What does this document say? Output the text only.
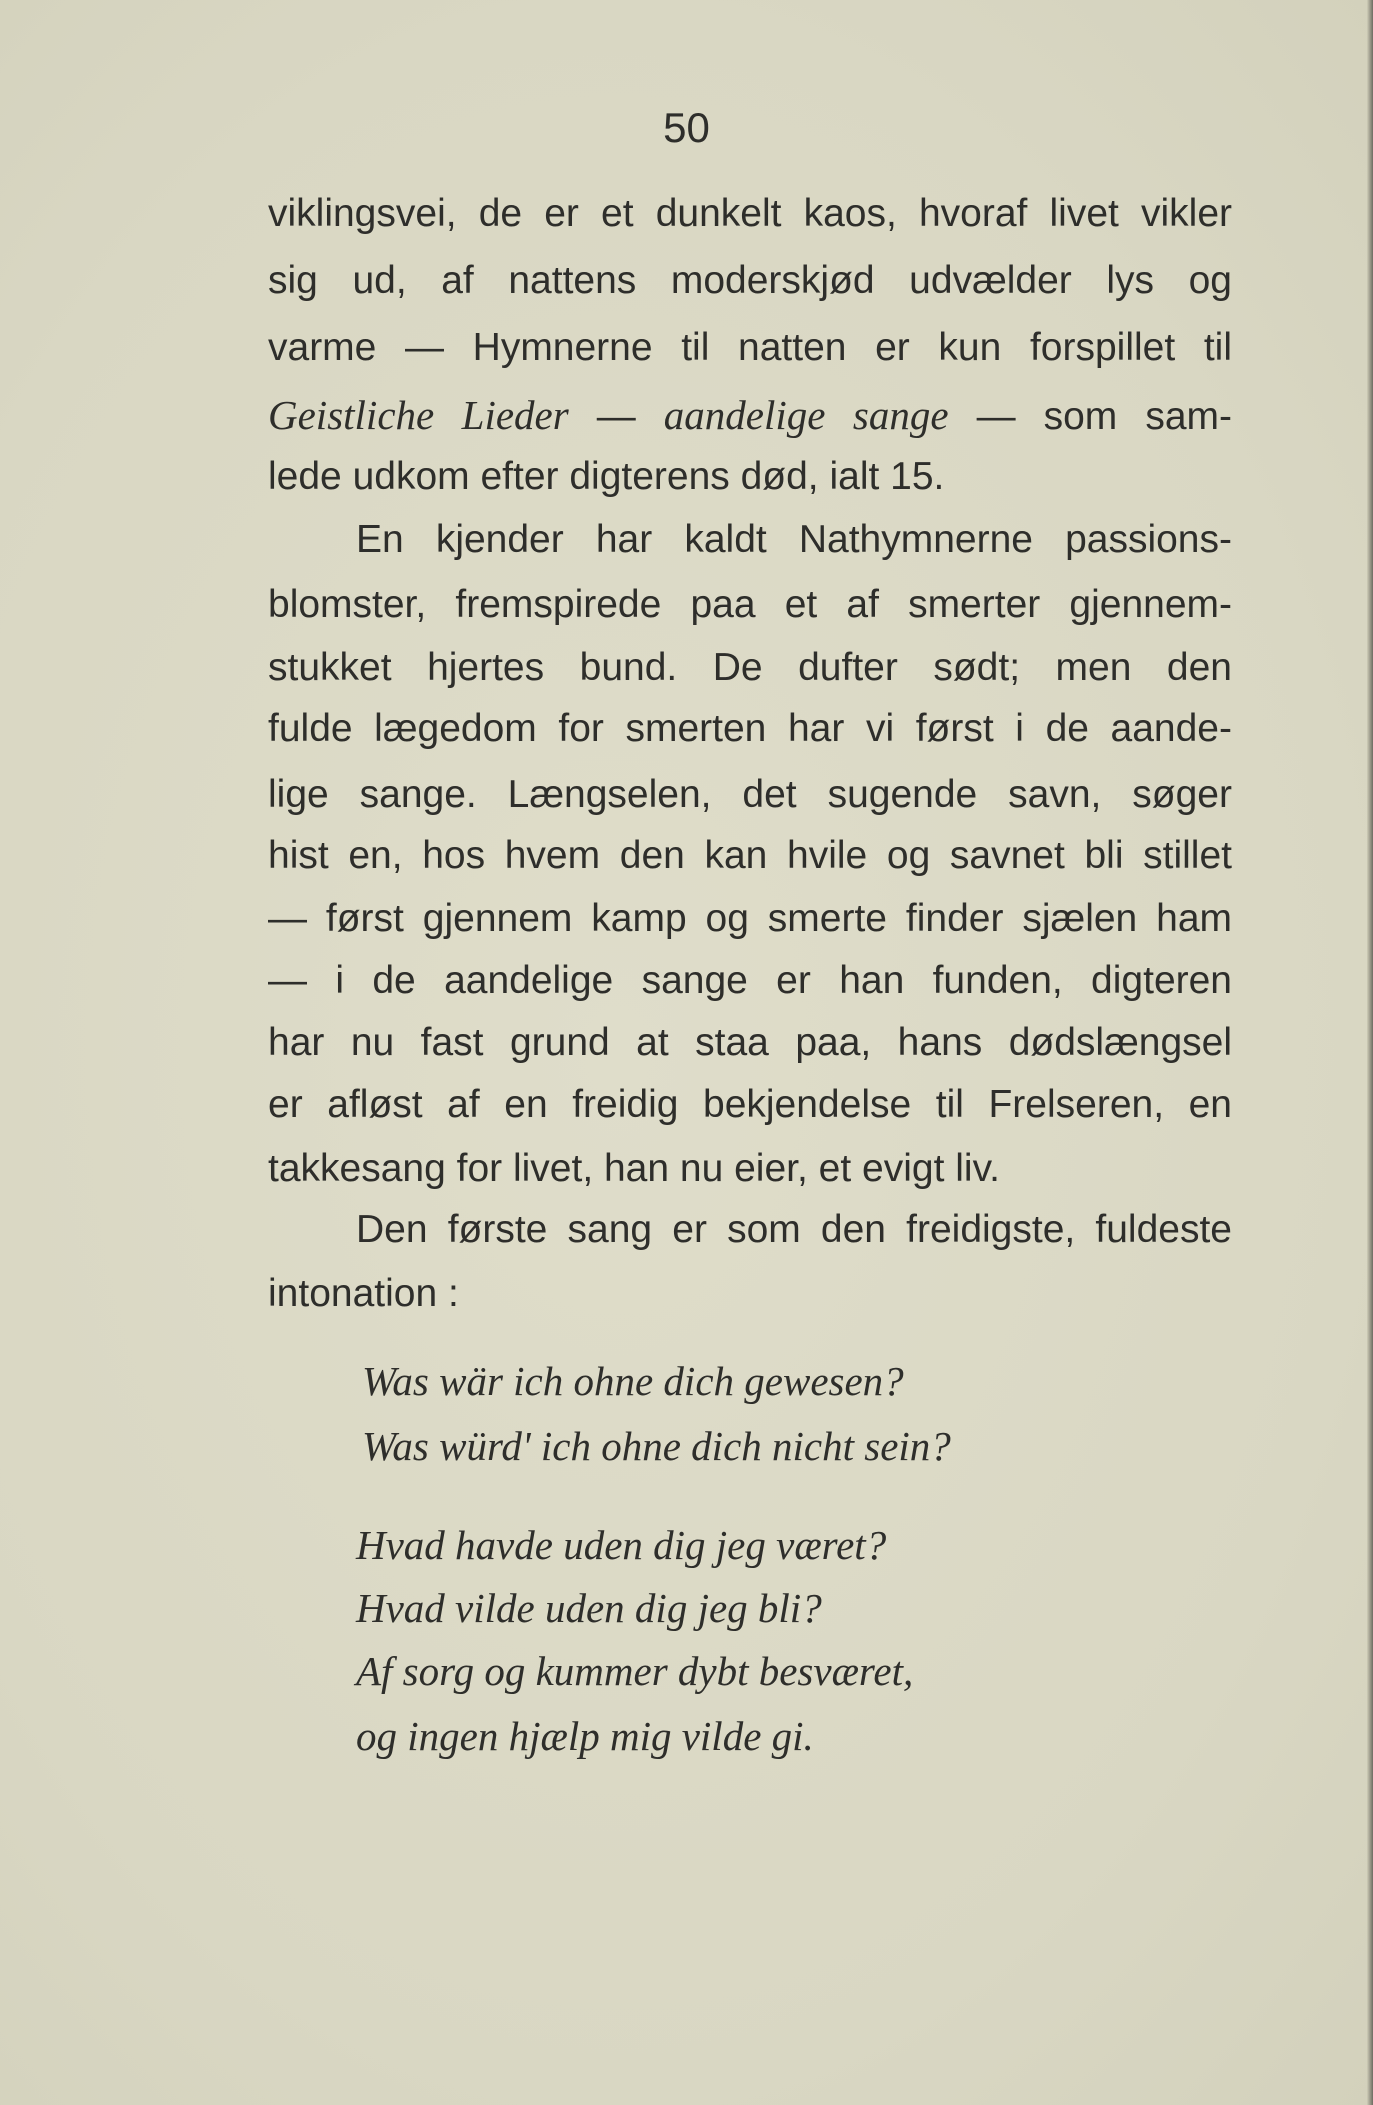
50
viklingsvei, de er et dunkelt kaos, hvoraf livet vikler
sig ud, af nattens moderskjød udvælder lys og
varme — Hymnerne til natten er kun forspillet til
Geistliche Lieder — aandelige sange — som sam-
lede udkom efter digterens død, ialt 15.
En kjender har kaldt Nathymnerne passions-
blomster, fremspirede paa et af smerter gjennem-
stukket hjertes bund. De dufter sødt; men den
fulde lægedom for smerten har vi først i de aande-
lige sange. Længselen, det sugende savn, søger
hist en, hos hvem den kan hvile og savnet bli stillet
— først gjennem kamp og smerte finder sjælen ham
— i de aandelige sange er han funden, digteren
har nu fast grund at staa paa, hans dødslængsel
er afløst af en freidig bekjendelse til Frelseren, en
takkesang for livet, han nu eier, et evigt liv.
Den første sang er som den freidigste, fuldeste
intonation :
Was wär ich ohne dich gewesen?
Was würd' ich ohne dich nicht sein?
Hvad havde uden dig jeg været?
Hvad vilde uden dig jeg bli?
Af sorg og kummer dybt besværet,
og ingen hjælp mig vilde gi.
